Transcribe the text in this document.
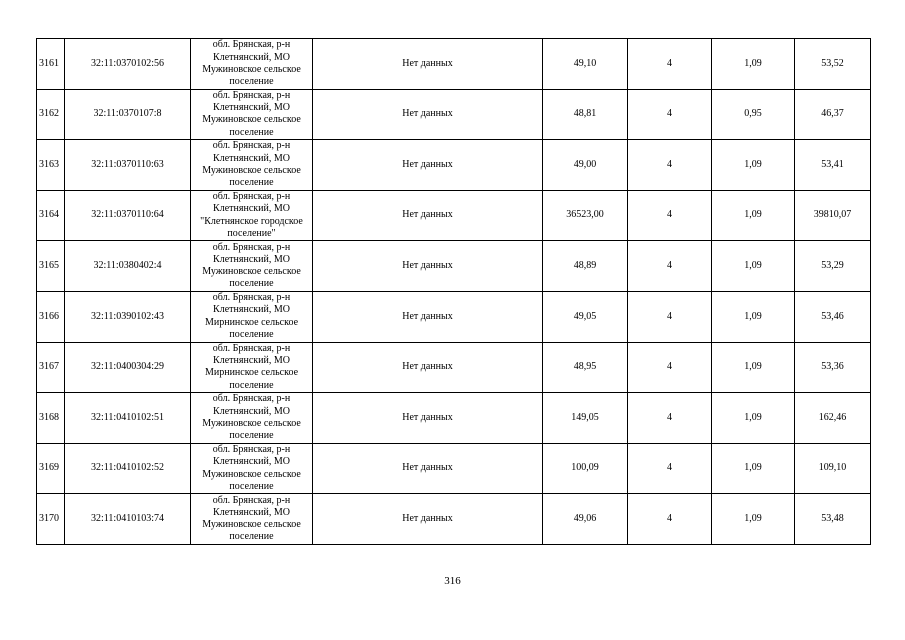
3161	32:11:0370102:56	обл. Брянская, р-н
Клетнянский, МО
Мужиновское сельское
поселение	Нет данных	49,10	4	1,09	53,52
3162	32:11:0370107:8	обл. Брянская, р-н
Клетнянский, МО
Мужиновское сельское
поселение	Нет данных	48,81	4	0,95	46,37
3163	32:11:0370110:63	обл. Брянская, р-н
Клетнянский, МО
Мужиновское сельское
поселение	Нет данных	49,00	4	1,09	53,41
3164	32:11:0370110:64	обл. Брянская, р-н
Клетнянский, МО
"Клетнянское городское
поселение"	Нет данных	36523,00	4	1,09	39810,07
3165	32:11:0380402:4	обл. Брянская, р-н
Клетнянский, МО
Мужиновское сельское
поселение	Нет данных	48,89	4	1,09	53,29
3166	32:11:0390102:43	обл. Брянская, р-н
Клетнянский, МО
Мирнинское сельское
поселение	Нет данных	49,05	4	1,09	53,46
3167	32:11:0400304:29	обл. Брянская, р-н
Клетнянский, МО
Мирнинское сельское
поселение	Нет данных	48,95	4	1,09	53,36
3168	32:11:0410102:51	обл. Брянская, р-н
Клетнянский, МО
Мужиновское сельское
поселение	Нет данных	149,05	4	1,09	162,46
3169	32:11:0410102:52	обл. Брянская, р-н
Клетнянский, МО
Мужиновское сельское
поселение	Нет данных	100,09	4	1,09	109,10
3170	32:11:0410103:74	обл. Брянская, р-н
Клетнянский, МО
Мужиновское сельское
поселение	Нет данных	49,06	4	1,09	53,48
316
